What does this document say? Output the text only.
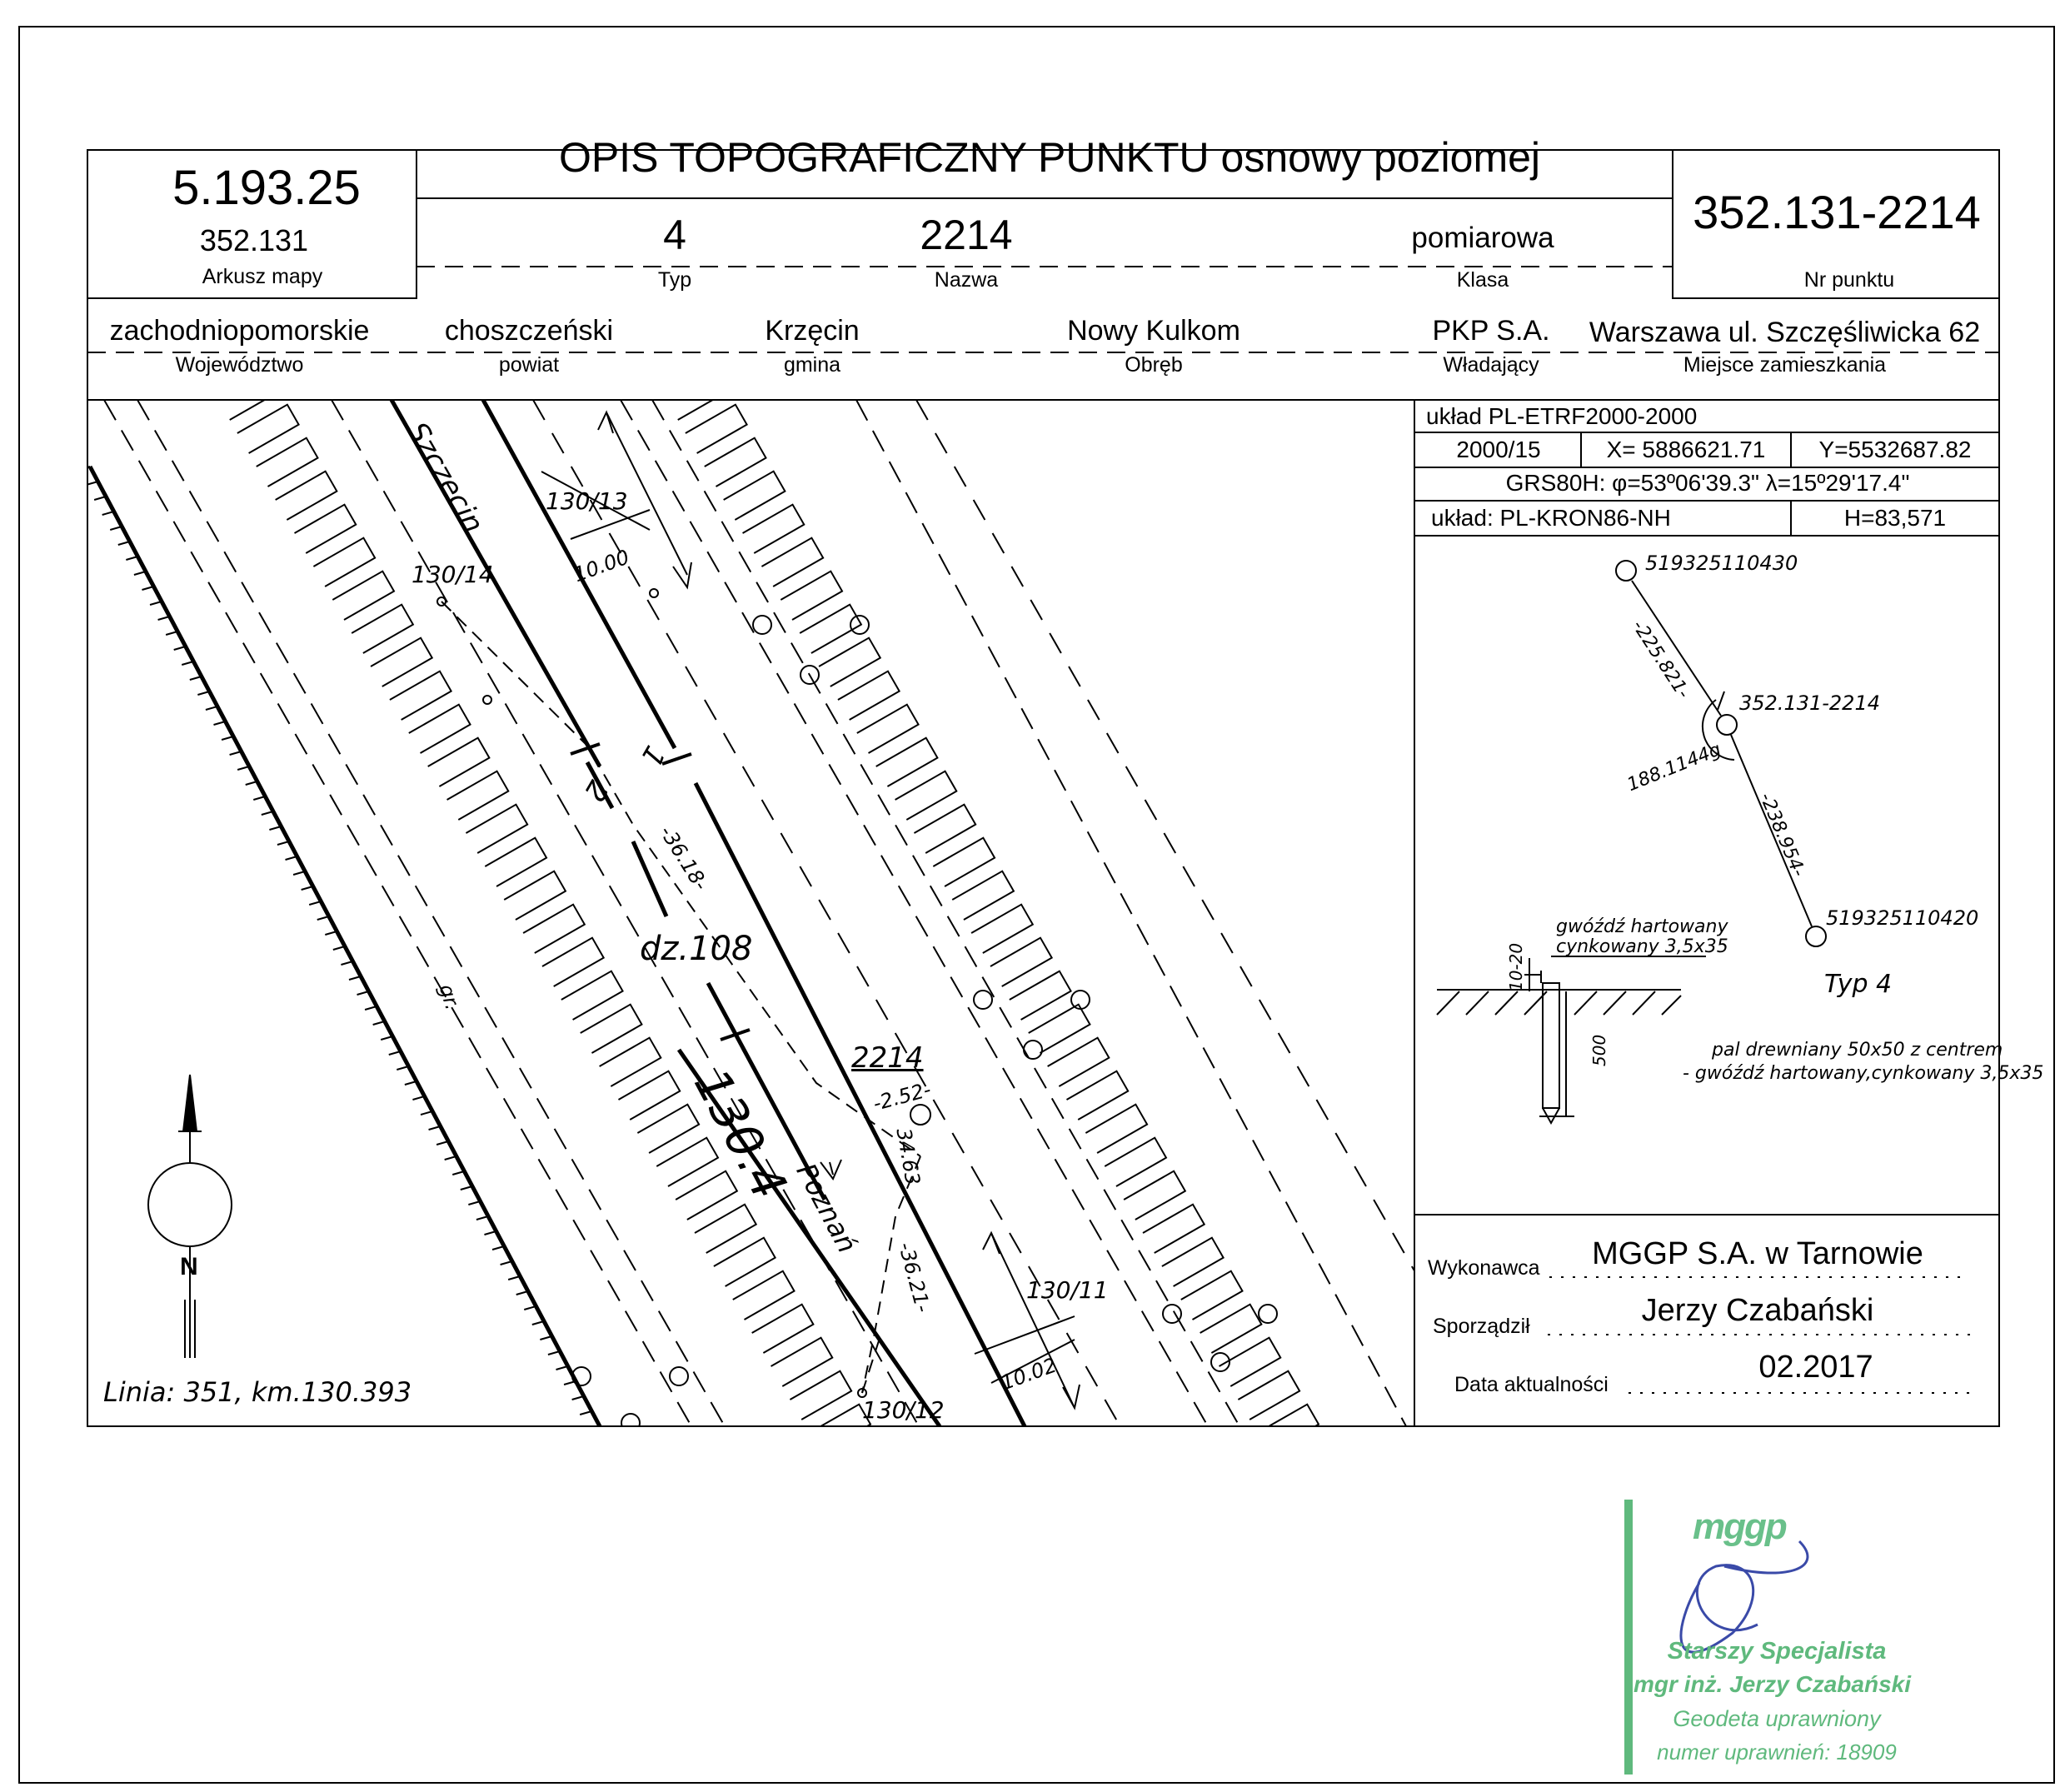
OPIS TOPOGRAFICZNY PUNKTU osnowy poziomej
5.193.25
352.131
Arkusz mapy
352.131-2214
Nr punktu
4
Typ
2214
Nazwa
pomiarowa
Klasa
zachodniopomorskie
Województwo
choszczeński
powiat
Krzęcin
gmina
Nowy Kulkom
Obręb
PKP S.A.
Władający
Warszawa ul. Szczęśliwicka 62
Miejsce zamieszkania
układ PL-ETRF2000-2000
2000/15	X= 5886621.71	Y=5532687.82
GRS80H: φ=53º06'39.3" λ=15º29'17.4"
układ: PL-KRON86-NH	H=83,571
519325110430
352.131-2214
519325110420
-225.821-
-238.954-
188.1144g
gwóźdź hartowany
cynkowany 3,5x35
10-20
500
Typ 4
pal drewniany 50x50 z centrem
- gwóźdź hartowany,cynkowany 3,5x35
Wykonawca	MGGP S.A. w Tarnowie
Sporządził	Jerzy Czabański
Data aktualności	02.2017
Szczecin
Poznań
130/13
130/14
130/11
130/12
10.00
10.02
2
1
dz.108
130.4
2214
-36.18-
-2.52-
34.63
-36.21-
gr.
N
Linia: 351, km.130.393
mggp
Starszy Specjalista
mgr inż. Jerzy Czabański
Geodeta uprawniony
numer uprawnień: 18909
